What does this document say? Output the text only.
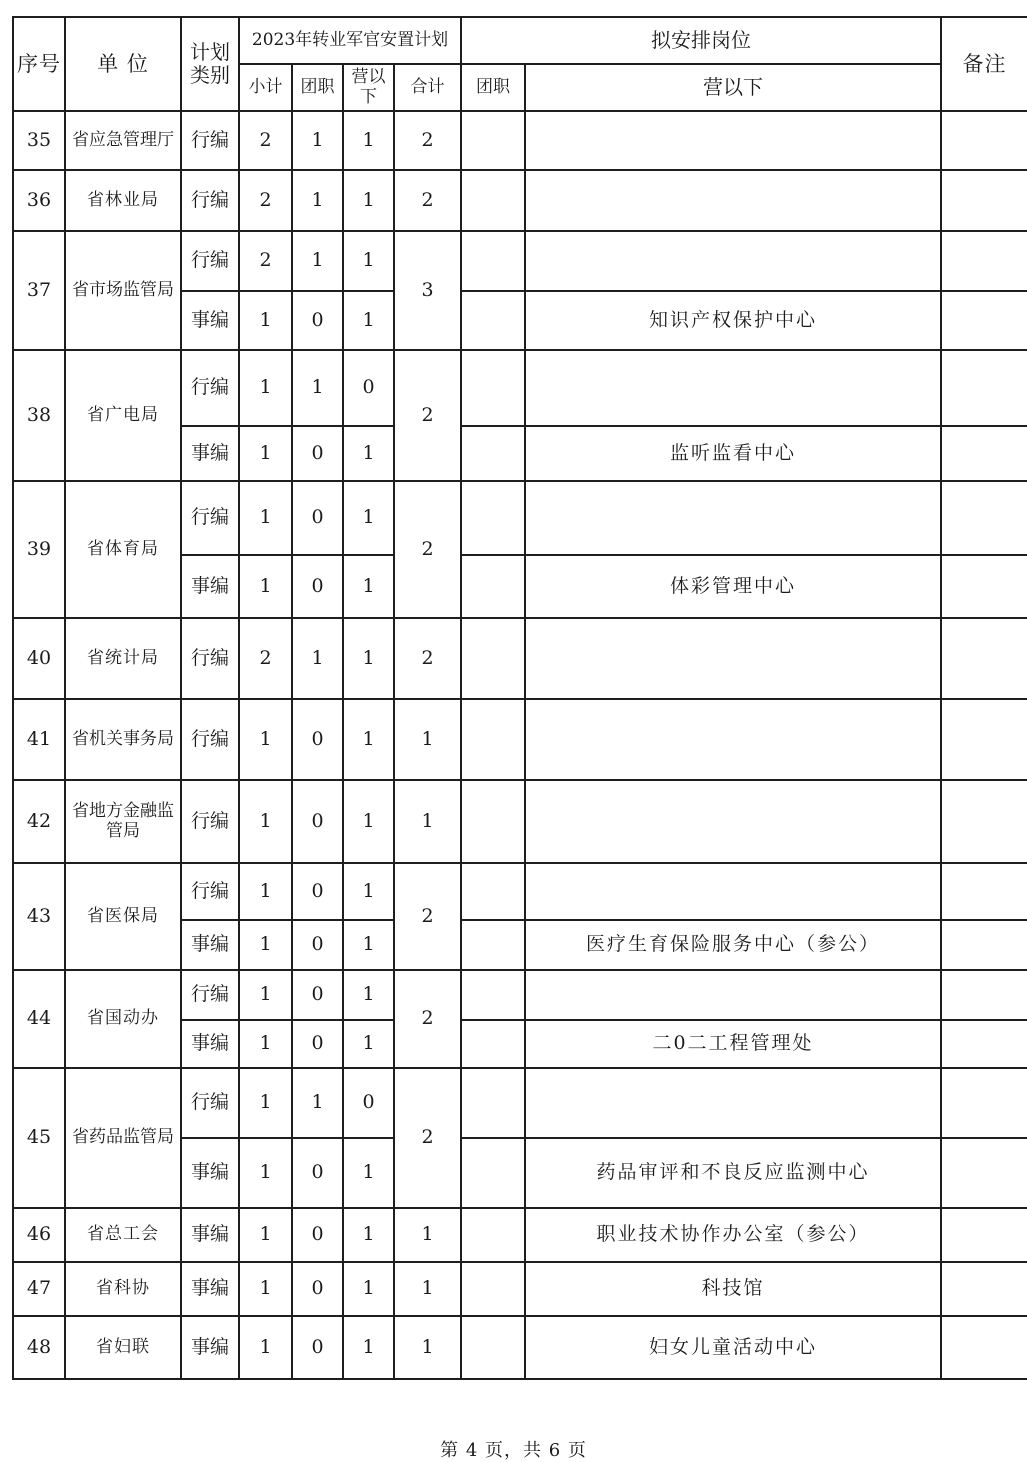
序号	单 位	计划类别	2023年转业军官安置计划				拟安排岗位		备注
			小计	团职	营以下	合计	团职	营以下	
35	省应急管理厅	行编	2	1	1	2			
36	省林业局	行编	2	1	1	2			
37	省市场监管局	行编	2	1	1	3			
		事编	1	0	1			知识产权保护中心	
38	省广电局	行编	1	1	0	2			
		事编	1	0	1			监听监看中心	
39	省体育局	行编	1	0	1	2			
		事编	1	0	1			体彩管理中心	
40	省统计局	行编	2	1	1	2			
41	省机关事务局	行编	1	0	1	1			
42	省地方金融监管局	行编	1	0	1	1			
43	省医保局	行编	1	0	1	2			
		事编	1	0	1			医疗生育保险服务中心（参公）	
44	省国动办	行编	1	0	1	2			
		事编	1	0	1			二0二工程管理处	
45	省药品监管局	行编	1	1	0	2			
		事编	1	0	1			药品审评和不良反应监测中心	
46	省总工会	事编	1	0	1	1		职业技术协作办公室（参公）	
47	省科协	事编	1	0	1	1		科技馆	
48	省妇联	事编	1	0	1	1		妇女儿童活动中心	
第 4 页，共 6 页
